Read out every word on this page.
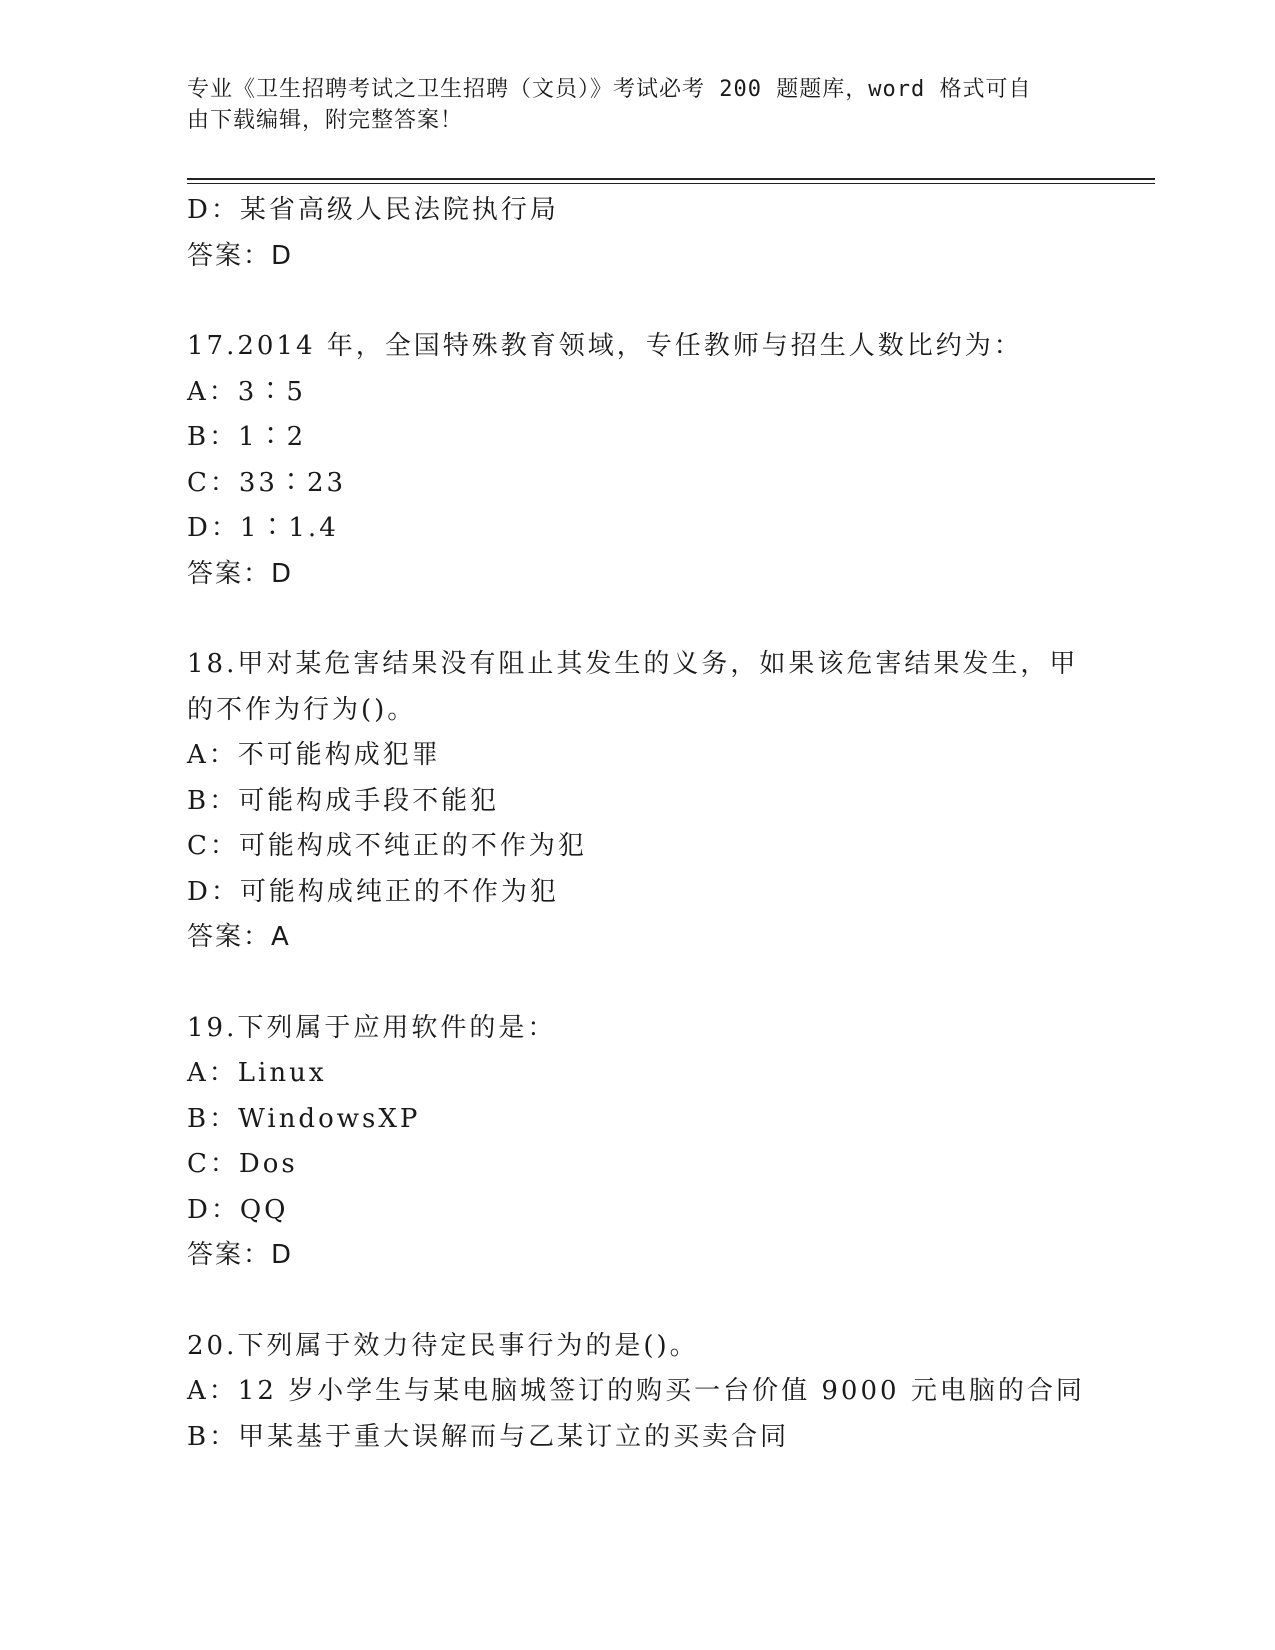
专业《卫生招聘考试之卫生招聘（文员）》考试必考 200 题题库，word 格式可自
由下载编辑，附完整答案！
D：某省高级人民法院执行局
答案：D
17.2014 年，全国特殊教育领域，专任教师与招生人数比约为：
A：3∶5
B：1∶2
C：33∶23
D：1∶1.4
答案：D
18.甲对某危害结果没有阻止其发生的义务，如果该危害结果发生，甲
的不作为行为()。
A：不可能构成犯罪
B：可能构成手段不能犯
C：可能构成不纯正的不作为犯
D：可能构成纯正的不作为犯
答案：A
19.下列属于应用软件的是：
A：Linux
B：WindowsXP
C：Dos
D：QQ
答案：D
20.下列属于效力待定民事行为的是()。
A：12 岁小学生与某电脑城签订的购买一台价值 9000 元电脑的合同
B：甲某基于重大误解而与乙某订立的买卖合同
